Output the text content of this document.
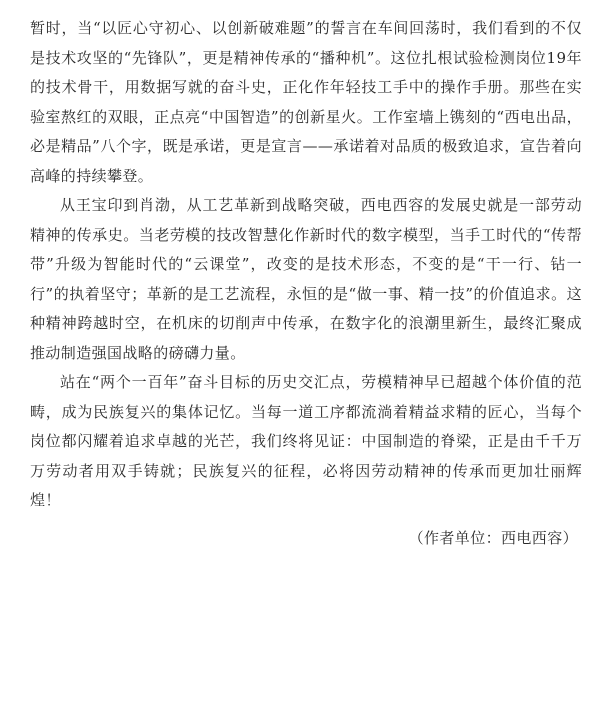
暂时，当“以匠心守初心、以创新破难题”的誓言在车间回荡时，我们看到的不仅是技术攻坚的“先锋队”，更是精神传承的“播种机”。这位扎根试验检测岗位19年的技术骨干，用数据写就的奋斗史，正化作年轻技工手中的操作手册。那些在实验室熬红的双眼，正点亮“中国智造”的创新星火。工作室墙上镌刻的“西电出品，必是精品”八个字，既是承诺，更是宣言——承诺着对品质的极致追求，宣告着向高峰的持续攀登。

从王宝印到肖渤，从工艺革新到战略突破，西电西容的发展史就是一部劳动精神的传承史。当老劳模的技改智慧化作新时代的数字模型，当手工时代的“传帮带”升级为智能时代的“云课堂”，改变的是技术形态，不变的是“干一行、钻一行”的执着坚守；革新的是工艺流程，永恒的是“做一事、精一技”的价值追求。这种精神跨越时空，在机床的切削声中传承，在数字化的浪潮里新生，最终汇聚成推动制造强国战略的磅礴力量。

站在“两个一百年”奋斗目标的历史交汇点，劳模精神早已超越个体价值的范畴，成为民族复兴的集体记忆。当每一道工序都流淌着精益求精的匠心，当每个岗位都闪耀着追求卓越的光芒，我们终将见证：中国制造的脊梁，正是由千千万万劳动者用双手铸就；民族复兴的征程，必将因劳动精神的传承而更加壮丽辉煌！

（作者单位：西电西容）
